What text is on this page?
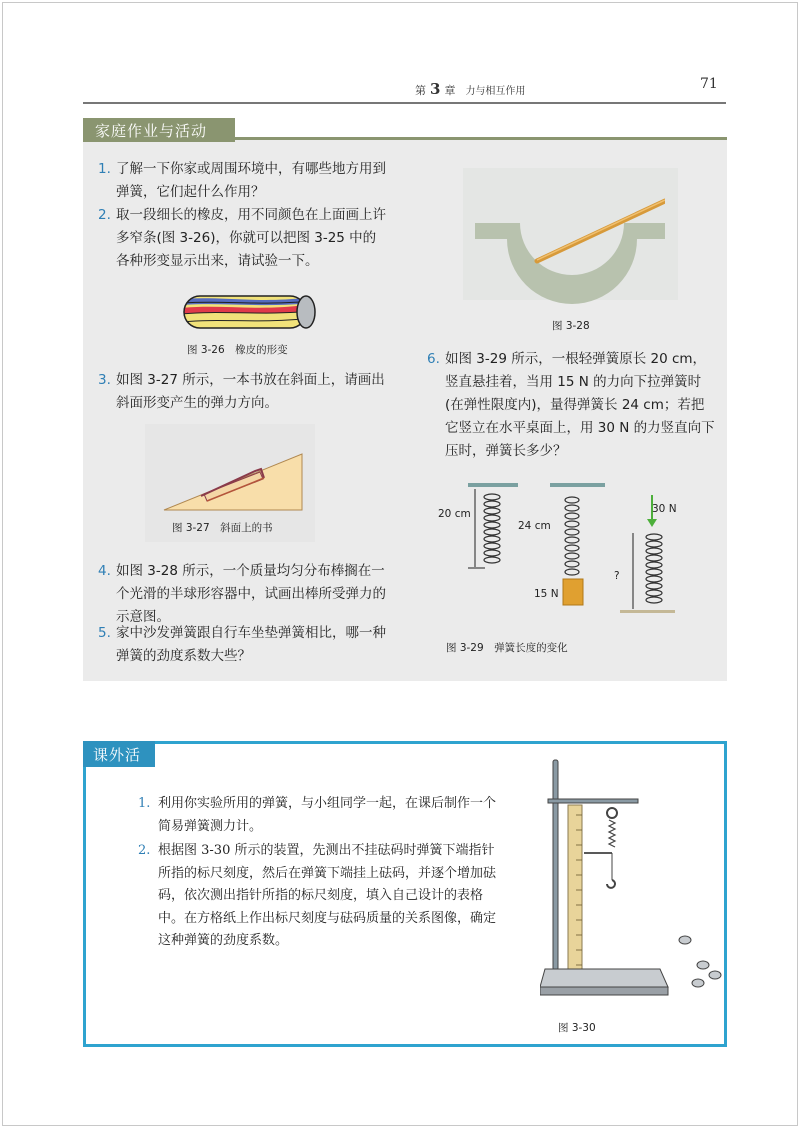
第 3 章 力与相互作用	71
家庭作业与活动
1. 了解一下你家或周围环境中，有哪些地方用到弹簧，它们起什么作用？
2. 取一段细长的橡皮，用不同颜色在上面画上许多窄条(图 3-26)，你就可以把图 3-25 中的各种形变显示出来，请试验一下。
图 3-26　橡皮的形变
3. 如图 3-27 所示，一本书放在斜面上，请画出斜面形变产生的弹力方向。
图 3-27　斜面上的书
4. 如图 3-28 所示，一个质量均匀分布棒搁在一个光滑的半球形容器中，试画出棒所受弹力的示意图。
5. 家中沙发弹簧跟自行车坐垫弹簧相比，哪一种弹簧的劲度系数大些？
图 3-28
6. 如图 3-29 所示，一根轻弹簧原长 20 cm，竖直悬挂着，当用 15 N 的力向下拉弹簧时(在弹性限度内)，量得弹簧长 24 cm；若把它竖立在水平桌面上，用 30 N 的力竖直向下压时，弹簧长多少？
20 cm
24 cm
15 N
30 N
?
图 3-29　弹簧长度的变化
课外活动
1. 利用你实验所用的弹簧，与小组同学一起，在课后制作一个简易弹簧测力计。
2. 根据图 3-30 所示的装置，先测出不挂砝码时弹簧下端指针所指的标尺刻度，然后在弹簧下端挂上砝码，并逐个增加砝码，依次测出指针所指的标尺刻度，填入自己设计的表格中。在方格纸上作出标尺刻度与砝码质量的关系图像，确定这种弹簧的劲度系数。
图 3-30
